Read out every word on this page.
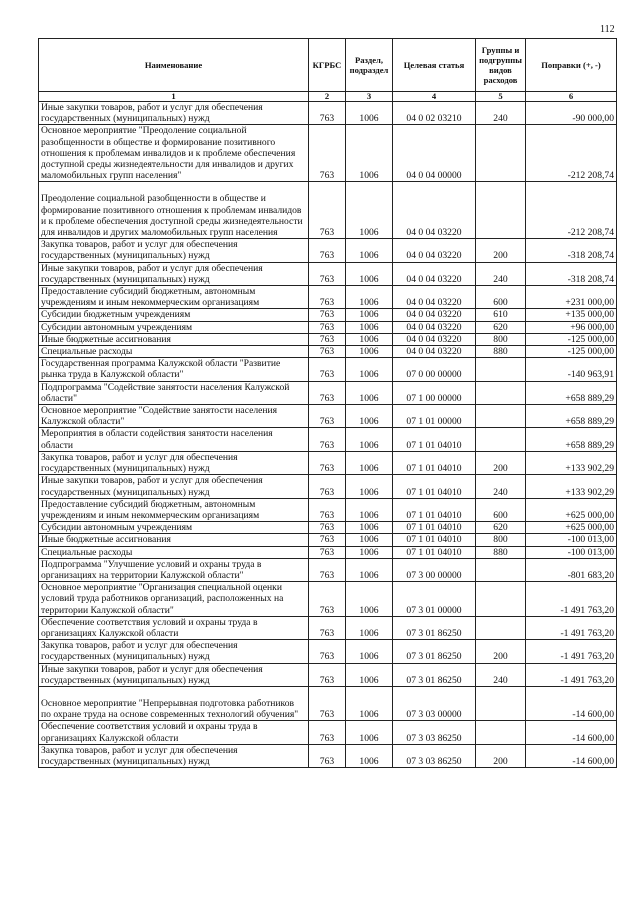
112
Наименование	КГРБС	Раздел, подраздел	Целевая статья	Группы и подгруппы видов расходов	Поправки (+, -)
1	2	3	4	5	6
Иные закупки товаров, работ и услуг для обеспечения государственных (муниципальных) нужд	763	1006	04 0 02 03210	240	-90 000,00
Основное мероприятие "Преодоление социальной разобщенности в обществе и формирование позитивного отношения к проблемам инвалидов и к проблеме обеспечения доступной среды жизнедеятельности для инвалидов и других маломобильных групп населения"	763	1006	04 0 04 00000		-212 208,74
Преодоление социальной разобщенности в обществе и формирование позитивного отношения к проблемам инвалидов и к проблеме обеспечения доступной среды жизнедеятельности для инвалидов и других маломобильных групп населения	763	1006	04 0 04 03220		-212 208,74
Закупка товаров, работ и услуг для обеспечения государственных (муниципальных) нужд	763	1006	04 0 04 03220	200	-318 208,74
Иные закупки товаров, работ и услуг для обеспечения государственных (муниципальных) нужд	763	1006	04 0 04 03220	240	-318 208,74
Предоставление субсидий бюджетным, автономным учреждениям и иным некоммерческим организациям	763	1006	04 0 04 03220	600	+231 000,00
Субсидии бюджетным учреждениям	763	1006	04 0 04 03220	610	+135 000,00
Субсидии автономным учреждениям	763	1006	04 0 04 03220	620	+96 000,00
Иные бюджетные ассигнования	763	1006	04 0 04 03220	800	-125 000,00
Специальные расходы	763	1006	04 0 04 03220	880	-125 000,00
Государственная программа Калужской области "Развитие рынка труда в Калужской области"	763	1006	07 0 00 00000		-140 963,91
Подпрограмма "Содействие занятости населения Калужской области"	763	1006	07 1 00 00000		+658 889,29
Основное мероприятие "Содействие занятости населения Калужской области"	763	1006	07 1 01 00000		+658 889,29
Мероприятия в области содействия занятости населения области	763	1006	07 1 01 04010		+658 889,29
Закупка товаров, работ и услуг для обеспечения государственных (муниципальных) нужд	763	1006	07 1 01 04010	200	+133 902,29
Иные закупки товаров, работ и услуг для обеспечения государственных (муниципальных) нужд	763	1006	07 1 01 04010	240	+133 902,29
Предоставление субсидий бюджетным, автономным учреждениям и иным некоммерческим организациям	763	1006	07 1 01 04010	600	+625 000,00
Субсидии автономным учреждениям	763	1006	07 1 01 04010	620	+625 000,00
Иные бюджетные ассигнования	763	1006	07 1 01 04010	800	-100 013,00
Специальные расходы	763	1006	07 1 01 04010	880	-100 013,00
Подпрограмма "Улучшение условий и охраны труда в организациях на территории Калужской области"	763	1006	07 3 00 00000		-801 683,20
Основное мероприятие "Организация специальной оценки условий труда работников организаций, расположенных на территории Калужской области"	763	1006	07 3 01 00000		-1 491 763,20
Обеспечение соответствия условий и охраны труда в организациях Калужской области	763	1006	07 3 01 86250		-1 491 763,20
Закупка товаров, работ и услуг для обеспечения государственных (муниципальных) нужд	763	1006	07 3 01 86250	200	-1 491 763,20
Иные закупки товаров, работ и услуг для обеспечения государственных (муниципальных) нужд	763	1006	07 3 01 86250	240	-1 491 763,20
Основное мероприятие "Непрерывная подготовка работников по охране труда на основе современных технологий обучения"	763	1006	07 3 03 00000		-14 600,00
Обеспечение соответствия условий и охраны труда в организациях Калужской области	763	1006	07 3 03 86250		-14 600,00
Закупка товаров, работ и услуг для обеспечения государственных (муниципальных) нужд	763	1006	07 3 03 86250	200	-14 600,00
